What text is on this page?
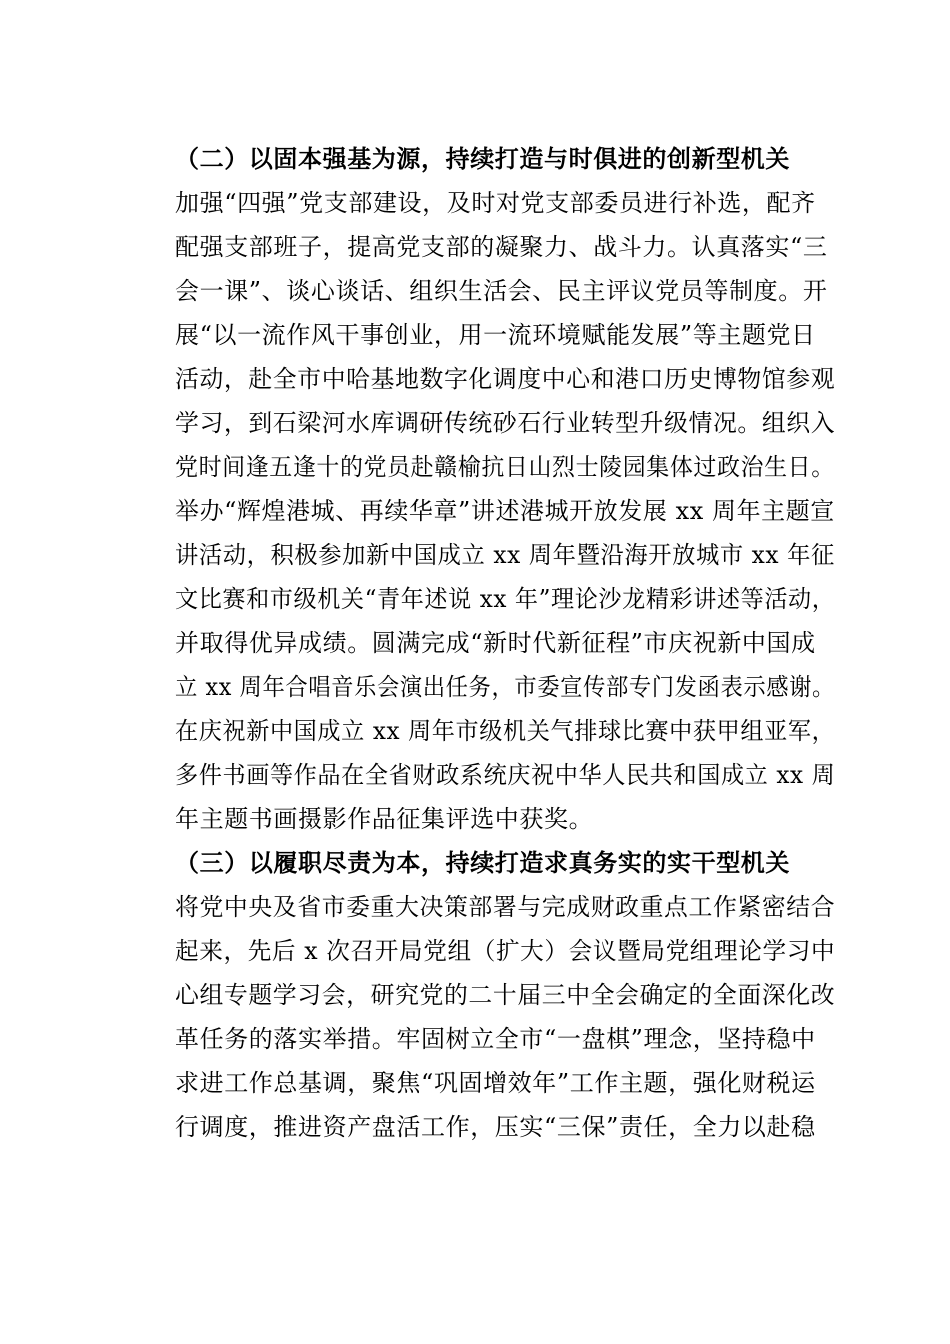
（二）以固本强基为源，持续打造与时俱进的创新型机关
加强“四强”党支部建设，及时对党支部委员进行补选，配齐
配强支部班子，提高党支部的凝聚力、战斗力。认真落实“三
会一课”、谈心谈话、组织生活会、民主评议党员等制度。开
展“以一流作风干事创业，用一流环境赋能发展”等主题党日
活动，赴全市中哈基地数字化调度中心和港口历史博物馆参观
学习，到石梁河水库调研传统砂石行业转型升级情况。组织入
党时间逢五逢十的党员赴赣榆抗日山烈士陵园集体过政治生日。
举办“辉煌港城、再续华章”讲述港城开放发展 xx 周年主题宣
讲活动，积极参加新中国成立 xx 周年暨沿海开放城市 xx 年征
文比赛和市级机关“青年述说 xx 年”理论沙龙精彩讲述等活动，
并取得优异成绩。圆满完成“新时代新征程”市庆祝新中国成
立 xx 周年合唱音乐会演出任务，市委宣传部专门发函表示感谢。
在庆祝新中国成立 xx 周年市级机关气排球比赛中获甲组亚军，
多件书画等作品在全省财政系统庆祝中华人民共和国成立 xx 周
年主题书画摄影作品征集评选中获奖。
（三）以履职尽责为本，持续打造求真务实的实干型机关
将党中央及省市委重大决策部署与完成财政重点工作紧密结合
起来，先后 x 次召开局党组（扩大）会议暨局党组理论学习中
心组专题学习会，研究党的二十届三中全会确定的全面深化改
革任务的落实举措。牢固树立全市“一盘棋”理念，坚持稳中
求进工作总基调，聚焦“巩固增效年”工作主题，强化财税运
行调度，推进资产盘活工作，压实“三保”责任，全力以赴稳
